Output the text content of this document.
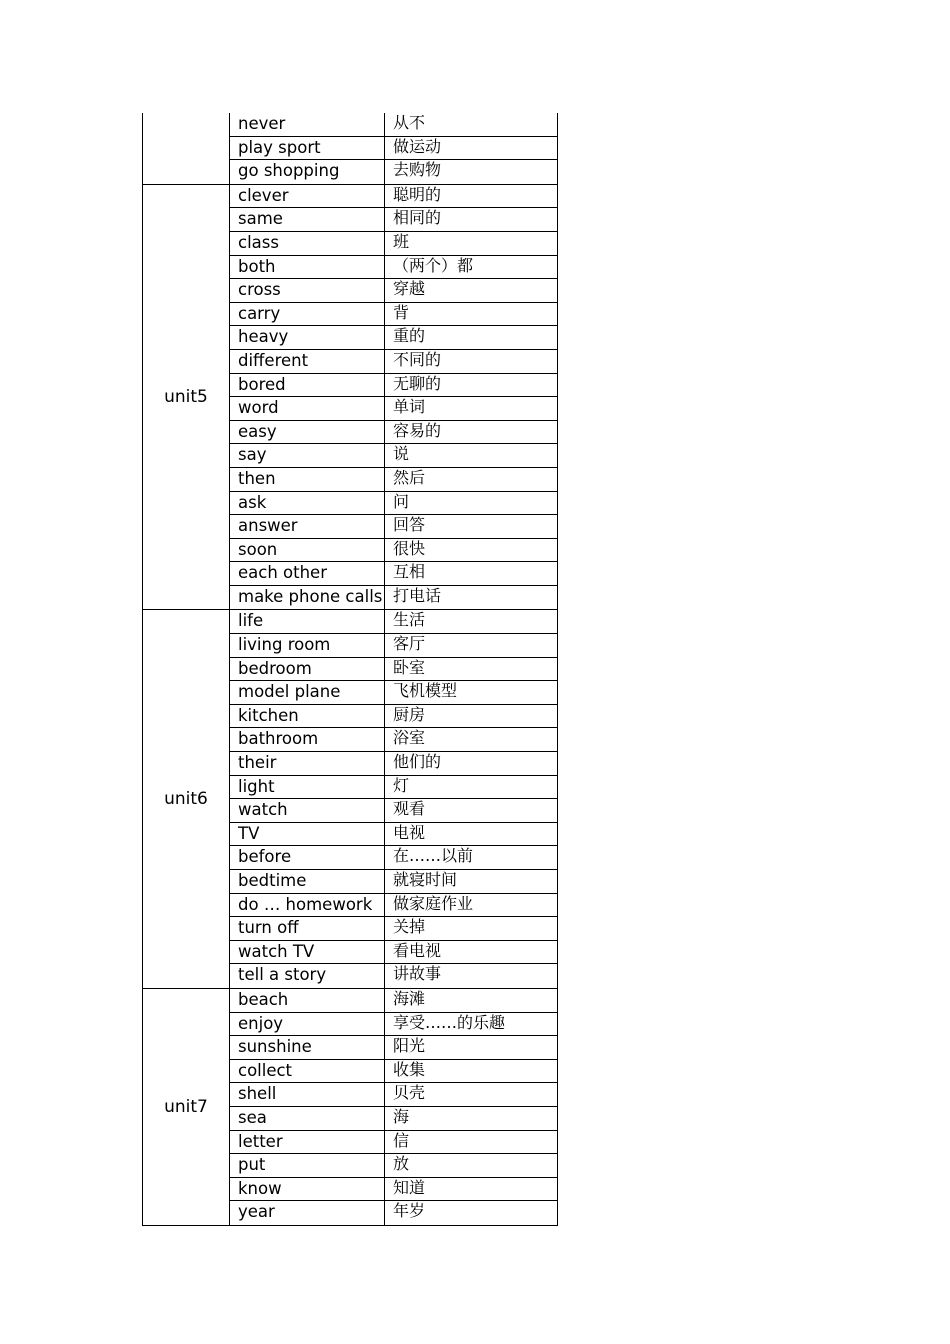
never	从不
play sport	做运动
go shopping	去购物
unit5
clever	聪明的
same	相同的
class	班
both	（两个）都
cross	穿越
carry	背
heavy	重的
different	不同的
bored	无聊的
word	单词
easy	容易的
say	说
then	然后
ask	问
answer	回答
soon	很快
each other	互相
make phone calls 打电话
unit6
life	生活
living room	客厅
bedroom	卧室
model plane	飞机模型
kitchen	厨房
bathroom	浴室
their	他们的
light	灯
watch	观看
TV	电视
before	在……以前
bedtime	就寝时间
do … homework	做家庭作业
turn off	关掉
watch TV	看电视
tell a story	讲故事
unit7
beach	海滩
enjoy	享受……的乐趣
sunshine	阳光
collect	收集
shell	贝壳
sea	海
letter	信
put	放
know	知道
year	年岁
